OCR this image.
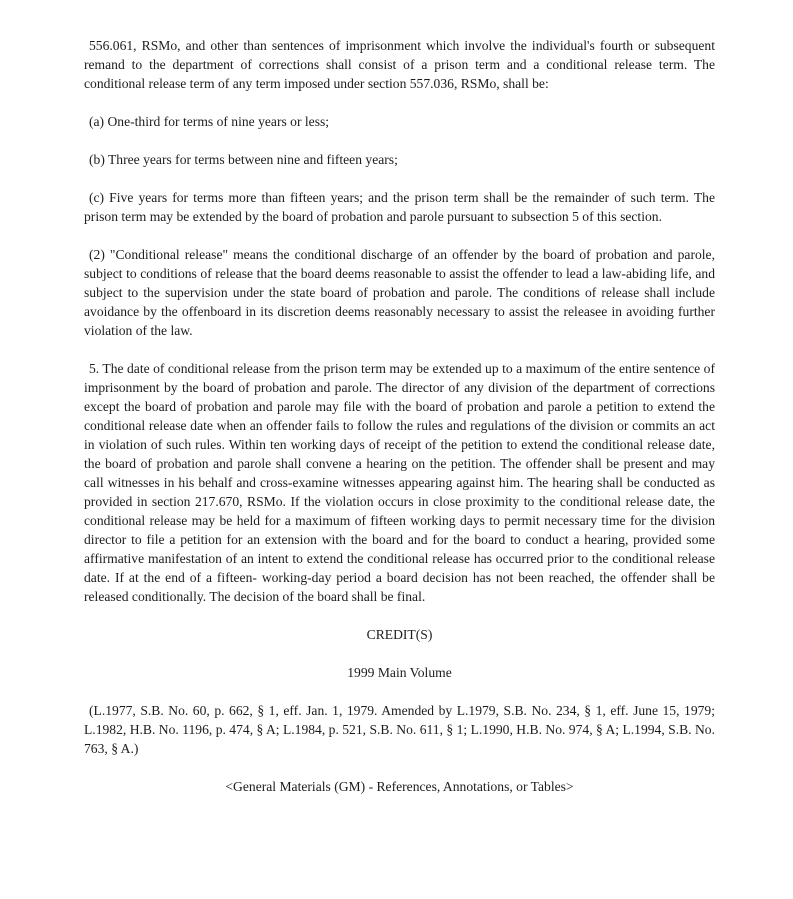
556.061, RSMo, and other than sentences of imprisonment which involve the individual's fourth or subsequent remand to the department of corrections shall consist of a prison term and a conditional release term. The conditional release term of any term imposed under section 557.036, RSMo, shall be:

(a) One-third for terms of nine years or less;

(b) Three years for terms between nine and fifteen years;

(c) Five years for terms more than fifteen years; and the prison term shall be the remainder of such term. The prison term may be extended by the board of probation and parole pursuant to subsection 5 of this section.

(2) "Conditional release" means the conditional discharge of an offender by the board of probation and parole, subject to conditions of release that the board deems reasonable to assist the offender to lead a law-abiding life, and subject to the supervision under the state board of probation and parole. The conditions of release shall include avoidance by the offenboard in its discretion deems reasonably necessary to assist the releasee in avoiding further violation of the law.

5. The date of conditional release from the prison term may be extended up to a maximum of the entire sentence of imprisonment by the board of probation and parole. The director of any division of the department of corrections except the board of probation and parole may file with the board of probation and parole a petition to extend the conditional release date when an offender fails to follow the rules and regulations of the division or commits an act in violation of such rules. Within ten working days of receipt of the petition to extend the conditional release date, the board of probation and parole shall convene a hearing on the petition. The offender shall be present and may call witnesses in his behalf and cross-examine witnesses appearing against him. The hearing shall be conducted as provided in section 217.670, RSMo. If the violation occurs in close proximity to the conditional release date, the conditional release may be held for a maximum of fifteen working days to permit necessary time for the division director to file a petition for an extension with the board and for the board to conduct a hearing, provided some affirmative manifestation of an intent to extend the conditional release has occurred prior to the conditional release date. If at the end of a fifteen- working-day period a board decision has not been reached, the offender shall be released conditionally. The decision of the board shall be final.

CREDIT(S)

1999 Main Volume

(L.1977, S.B. No. 60, p. 662, § 1, eff. Jan. 1, 1979. Amended by L.1979, S.B. No. 234, § 1, eff. June 15, 1979; L.1982, H.B. No. 1196, p. 474, § A; L.1984, p. 521, S.B. No. 611, § 1; L.1990, H.B. No. 974, § A; L.1994, S.B. No. 763, § A.)

<General Materials (GM) - References, Annotations, or Tables>
